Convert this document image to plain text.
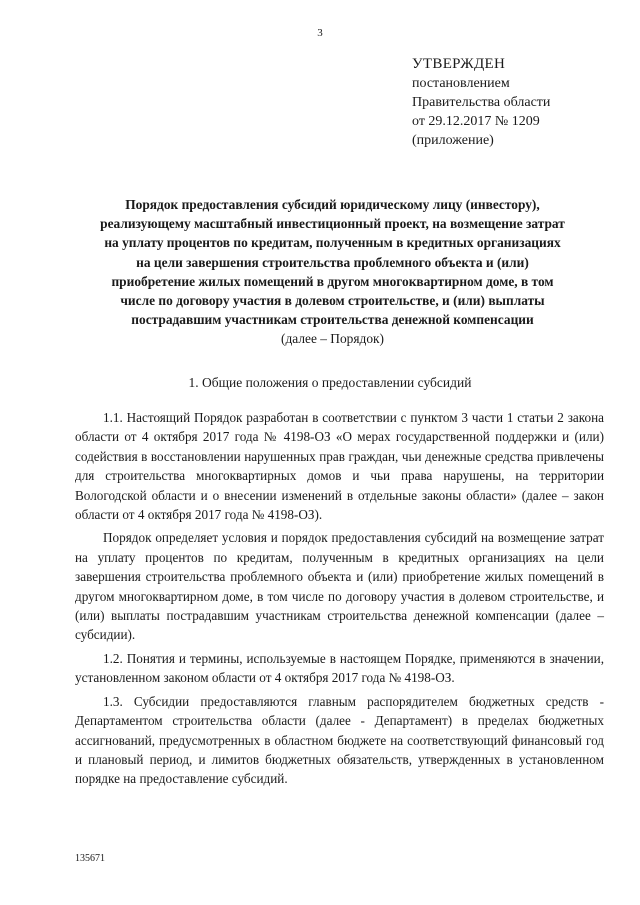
3
УТВЕРЖДЕН
постановлением
Правительства области
от 29.12.2017 № 1209
(приложение)
Порядок предоставления субсидий юридическому лицу (инвестору),
реализующему масштабный инвестиционный проект, на возмещение затрат
на уплату процентов по кредитам, полученным в кредитных организациях
на цели завершения строительства проблемного объекта и (или)
приобретение жилых помещений в другом многоквартирном доме, в том
числе по договору участия в долевом строительстве, и (или) выплаты
пострадавшим участникам строительства денежной компенсации
(далее – Порядок)
1. Общие положения о предоставлении субсидий

1.1. Настоящий Порядок разработан в соответствии с пунктом 3 части 1 статьи 2 закона области от 4 октября 2017 года № 4198-ОЗ «О мерах государственной поддержки и (или) содействия в восстановлении нарушенных прав граждан, чьи денежные средства привлечены для строительства многоквартирных домов и чьи права нарушены, на территории Вологодской области и о внесении изменений в отдельные законы области» (далее – закон области от 4 октября 2017 года № 4198-ОЗ).

Порядок определяет условия и порядок предоставления субсидий на возмещение затрат на уплату процентов по кредитам, полученным в кредитных организациях на цели завершения строительства проблемного объекта и (или) приобретение жилых помещений в другом многоквартирном доме, в том числе по договору участия в долевом строительстве, и (или) выплаты пострадавшим участникам строительства денежной компенсации (далее – субсидии).

1.2. Понятия и термины, используемые в настоящем Порядке, применяются в значении, установленном законом области от 4 октября 2017 года № 4198-ОЗ.

1.3. Субсидии предоставляются главным распорядителем бюджетных средств - Департаментом строительства области (далее - Департамент) в пределах бюджетных ассигнований, предусмотренных в областном бюджете на соответствующий финансовый год и плановый период, и лимитов бюджетных обязательств, утвержденных в установленном порядке на предоставление субсидий.

135671
